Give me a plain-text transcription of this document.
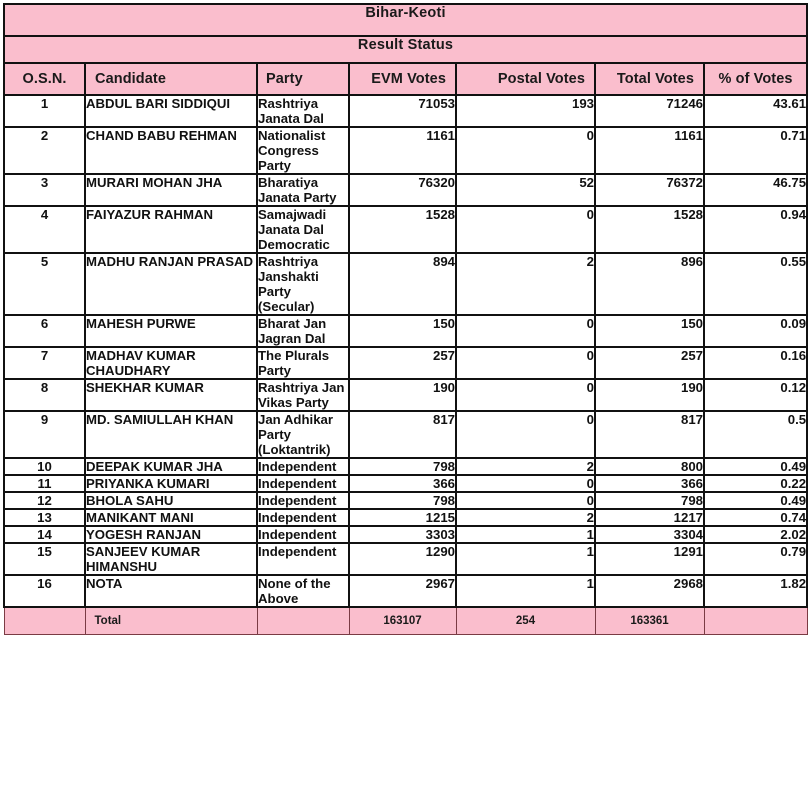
Bihar-Keoti						
Result Status						
O.S.N.	Candidate	Party	EVM Votes	Postal Votes	Total Votes	% of Votes
1	ABDUL BARI SIDDIQUI	Rashtriya Janata Dal	71053	193	71246	43.61
2	CHAND BABU REHMAN	Nationalist Congress Party	1161	0	1161	0.71
3	MURARI MOHAN JHA	Bharatiya Janata Party	76320	52	76372	46.75
4	FAIYAZUR RAHMAN	Samajwadi Janata Dal Democratic	1528	0	1528	0.94
5	MADHU RANJAN PRASAD	Rashtriya Janshakti Party (Secular)	894	2	896	0.55
6	MAHESH PURWE	Bharat Jan Jagran Dal	150	0	150	0.09
7	MADHAV KUMAR CHAUDHARY	The Plurals Party	257	0	257	0.16
8	SHEKHAR KUMAR	Rashtriya Jan Vikas Party	190	0	190	0.12
9	MD. SAMIULLAH KHAN	Jan Adhikar Party (Loktantrik)	817	0	817	0.5
10	DEEPAK KUMAR JHA	Independent	798	2	800	0.49
11	PRIYANKA KUMARI	Independent	366	0	366	0.22
12	BHOLA SAHU	Independent	798	0	798	0.49
13	MANIKANT MANI	Independent	1215	2	1217	0.74
14	YOGESH RANJAN	Independent	3303	1	3304	2.02
15	SANJEEV KUMAR HIMANSHU	Independent	1290	1	1291	0.79
16	NOTA	None of the Above	2967	1	2968	1.82
	Total		163107	254	163361	
